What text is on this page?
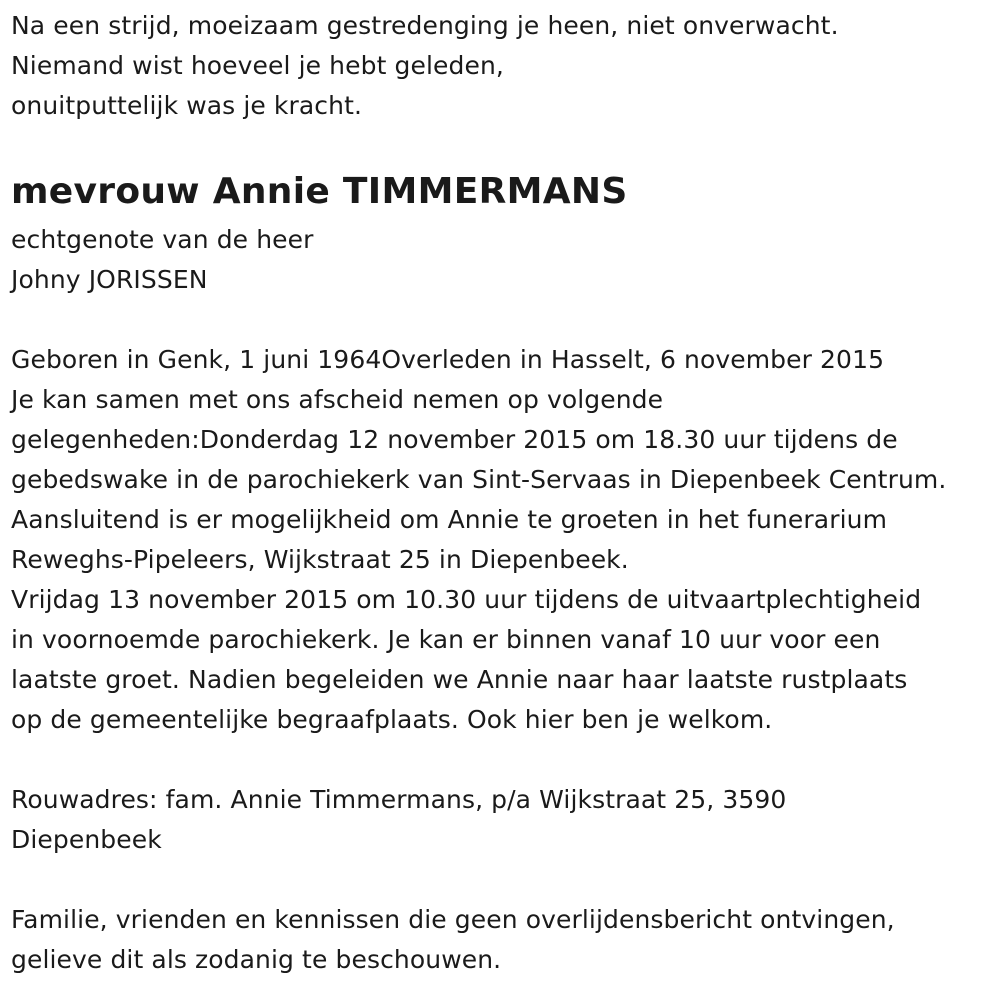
Na een strijd, moeizaam gestredenging je heen, niet onverwacht.
Niemand wist hoeveel je hebt geleden,
onuitputtelijk was je kracht.
mevrouw Annie TIMMERMANS
echtgenote van de heer
Johny JORISSEN
Geboren in Genk, 1 juni 1964Overleden in Hasselt, 6 november 2015
Je kan samen met ons afscheid nemen op volgende
gelegenheden:Donderdag 12 november 2015 om 18.30 uur tijdens de
gebedswake in de parochiekerk van Sint-Servaas in Diepenbeek Centrum.
Aansluitend is er mogelijkheid om Annie te groeten in het funerarium
Reweghs-Pipeleers, Wijkstraat 25 in Diepenbeek.
Vrijdag 13 november 2015 om 10.30 uur tijdens de uitvaartplechtigheid
in voornoemde parochiekerk. Je kan er binnen vanaf 10 uur voor een
laatste groet. Nadien begeleiden we Annie naar haar laatste rustplaats
op de gemeentelijke begraafplaats. Ook hier ben je welkom.
Rouwadres: fam. Annie Timmermans, p/a Wijkstraat 25, 3590
Diepenbeek
Familie, vrienden en kennissen die geen overlijdensbericht ontvingen,
gelieve dit als zodanig te beschouwen.
